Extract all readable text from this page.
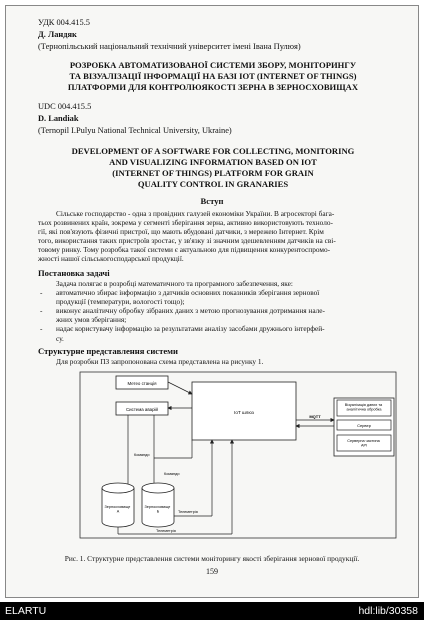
УДК 004.415.5
Д. Ландяк
(Тернопільський національний технічний університет імені Івана Пулюя)
РОЗРОБКА АВТОМАТИЗОВАНОЇ СИСТЕМИ ЗБОРУ, МОНІТОРИНГУ
ТА ВІЗУАЛІЗАЦІЇ ІНФОРМАЦІЇ НА БАЗІ IOT (INTERNET OF THINGS)
ПЛАТФОРМИ ДЛЯ КОНТРОЛЮЯКОСТІ ЗЕРНА В ЗЕРНОСХОВИЩАХ
UDC 004.415.5
D. Landiak
(Ternopil I.Pulyu National Technical University, Ukraine)
DEVELOPMENT OF A SOFTWARE FOR COLLECTING, MONITORING
AND VISUALIZING INFORMATION BASED ON IOT
(INTERNET OF THINGS) PLATFORM FOR GRAIN
QUALITY CONTROL IN GRANARIES
Вступ
Сільське господарство - одна з провідних галузей економіки України. В агросекторі багa-
тьох розвинених країн, зокрема у сегменті зберігання зерна, активно використовують техноло-
гії, які пов'язують фізичні пристрої, що мають вбудовані датчики, з мережею Інтернет. Крім
того, використання таких пристроїв зростає, у зв'язку зі значним здешевленням датчиків на сві-
товому ринку. Тому розробка такої системи є актуальною для підвищення конкурентоспромо-
жності нашої сільськогосподарської продукції.
Постановка задачі
Задача полягає в розробці математичного та програмного забезпечення, яке:
- автоматично збирає інформацію з датчиків основних показників зберігання зернової
продукції (температури, вологості тощо);
- виконує аналітичну обробку зібраних даних з метою прогнозування дотримання нале-
жних умов зберігання;
- надає користувачу інформацію за результатами аналізу засобами дружнього інтерфей-
су.
Структурне представлення системи
Для розробки ПЗ запропонована схема представлена на рисунку 1.
Метео станція
Система аварій
IoT шлюз
Візуалізація даних та аналітична обробка
Сервер
Серверна частина API
MQTT
Команди
Команди
Зерносховище А
Зерносховище Б	Телеметрія
Телеметрія
Рис. 1. Структурне представлення системи моніторингу якості зберігання зернової продукції.
159
ELARTU	hdl:lib/30358
